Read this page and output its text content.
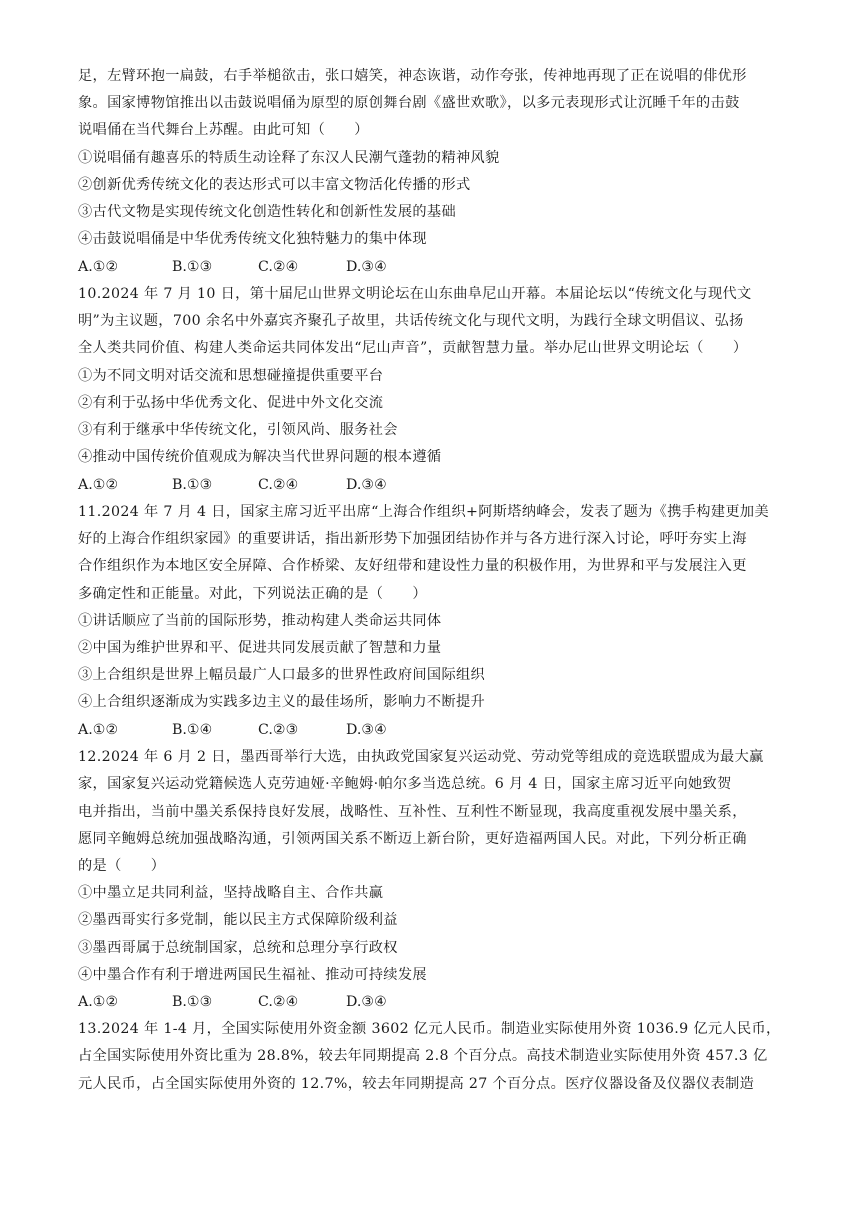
足，左臂环抱一扁鼓，右手举槌欲击，张口嬉笑，神态诙谐，动作夸张，传神地再现了正在说唱的俳优形
象。国家博物馆推出以击鼓说唱俑为原型的原创舞台剧《盛世欢歌》，以多元表现形式让沉睡千年的击鼓
说唱俑在当代舞台上苏醒。由此可知（　　）
①说唱俑有趣喜乐的特质生动诠释了东汉人民潮气蓬勃的精神风貌
②创新优秀传统文化的表达形式可以丰富文物活化传播的形式
③古代文物是实现传统文化创造性转化和创新性发展的基础
④击鼓说唱俑是中华优秀传统文化独特魅力的集中体现
A.①②	B.①③	C.②④	D.③④
10.2024 年 7 月 10 日，第十届尼山世界文明论坛在山东曲阜尼山开幕。本届论坛以“传统文化与现代文
明”为主议题，700 余名中外嘉宾齐聚孔子故里，共话传统文化与现代文明，为践行全球文明倡议、弘扬
全人类共同价值、构建人类命运共同体发出“尼山声音”，贡献智慧力量。举办尼山世界文明论坛（　　）
①为不同文明对话交流和思想碰撞提供重要平台
②有利于弘扬中华优秀文化、促进中外文化交流
③有利于继承中华传统文化，引领风尚、服务社会
④推动中国传统价值观成为解决当代世界问题的根本遵循
A.①②	B.①③	C.②④	D.③④
11.2024 年 7 月 4 日，国家主席习近平出席“上海合作组织+阿斯塔纳峰会，发表了题为《携手构建更加美
好的上海合作组织家园》的重要讲话，指出新形势下加强团结协作并与各方进行深入讨论，呼吁夯实上海
合作组织作为本地区安全屏障、合作桥梁、友好纽带和建设性力量的积极作用，为世界和平与发展注入更
多确定性和正能量。对此，下列说法正确的是（　　）
①讲话顺应了当前的国际形势，推动构建人类命运共同体
②中国为维护世界和平、促进共同发展贡献了智慧和力量
③上合组织是世界上幅员最广人口最多的世界性政府间国际组织
④上合组织逐渐成为实践多边主义的最佳场所，影响力不断提升
A.①②	B.①④	C.②③	D.③④
12.2024 年 6 月 2 日，墨西哥举行大选，由执政党国家复兴运动党、劳动党等组成的竞选联盟成为最大赢
家，国家复兴运动党籍候选人克劳迪娅·辛鲍姆·帕尔多当选总统。6 月 4 日，国家主席习近平向她致贺
电并指出，当前中墨关系保持良好发展，战略性、互补性、互利性不断显现，我高度重视发展中墨关系，
愿同辛鲍姆总统加强战略沟通，引领两国关系不断迈上新台阶，更好造福两国人民。对此，下列分析正确
的是（　　）
①中墨立足共同利益，坚持战略自主、合作共赢
②墨西哥实行多党制，能以民主方式保障阶级利益
③墨西哥属于总统制国家，总统和总理分享行政权
④中墨合作有利于增进两国民生福祉、推动可持续发展
A.①②	B.①③	C.②④	D.③④
13.2024 年 1-4 月，全国实际使用外资金额 3602 亿元人民币。制造业实际使用外资 1036.9 亿元人民币，
占全国实际使用外资比重为 28.8%，较去年同期提高 2.8 个百分点。高技术制造业实际使用外资 457.3 亿
元人民币，占全国实际使用外资的 12.7%，较去年同期提高 27 个百分点。医疗仪器设备及仪器仪表制造
